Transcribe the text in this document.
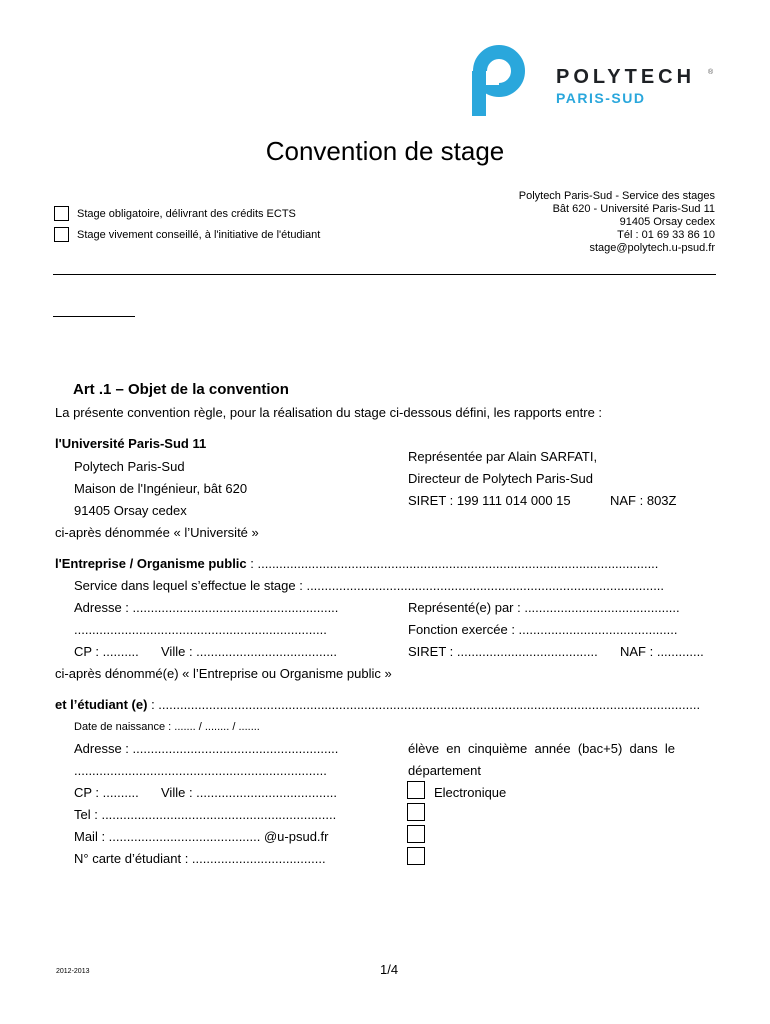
POLYTECH ®
PARIS-SUD
Convention de stage
Stage obligatoire, délivrant des crédits ECTS
Stage vivement conseillé, à l'initiative de l'étudiant
Polytech Paris-Sud - Service des stages
Bât 620 - Université Paris-Sud 11
91405 Orsay cedex
Tél : 01 69 33 86 10
stage@polytech.u-psud.fr
Art .1 – Objet de la convention
La présente convention règle, pour la réalisation du stage ci-dessous défini, les rapports entre :
l'Université Paris-Sud 11
Polytech Paris-Sud
Maison de l'Ingénieur, bât 620
91405 Orsay cedex
ci-après dénommée « l’Université »
Représentée par Alain SARFATI,
Directeur de Polytech Paris-Sud
SIRET : 199 111 014 000 15	NAF : 803Z
l'Entreprise / Organisme public : ...............................................................................................................
Service dans lequel s’effectue le stage : ...................................................................................................
Adresse : .........................................................
......................................................................
CP : ..........	Ville : .......................................
Représenté(e) par : ...........................................
Fonction exercée : ............................................
SIRET : .......................................	NAF : .............
ci-après dénommé(e) « l’Entreprise ou Organisme public »
et l’étudiant (e) : ......................................................................................................................................................
Date de naissance : ....... / ........ / .......
Adresse : .........................................................
......................................................................
CP : ..........	Ville : .......................................
Tel : .................................................................
Mail : .......................................... @u-psud.fr
N° carte d’étudiant : .....................................
élève  en  cinquième  année  (bac+5)  dans  le
département
Electronique
2012-2013	1/4
